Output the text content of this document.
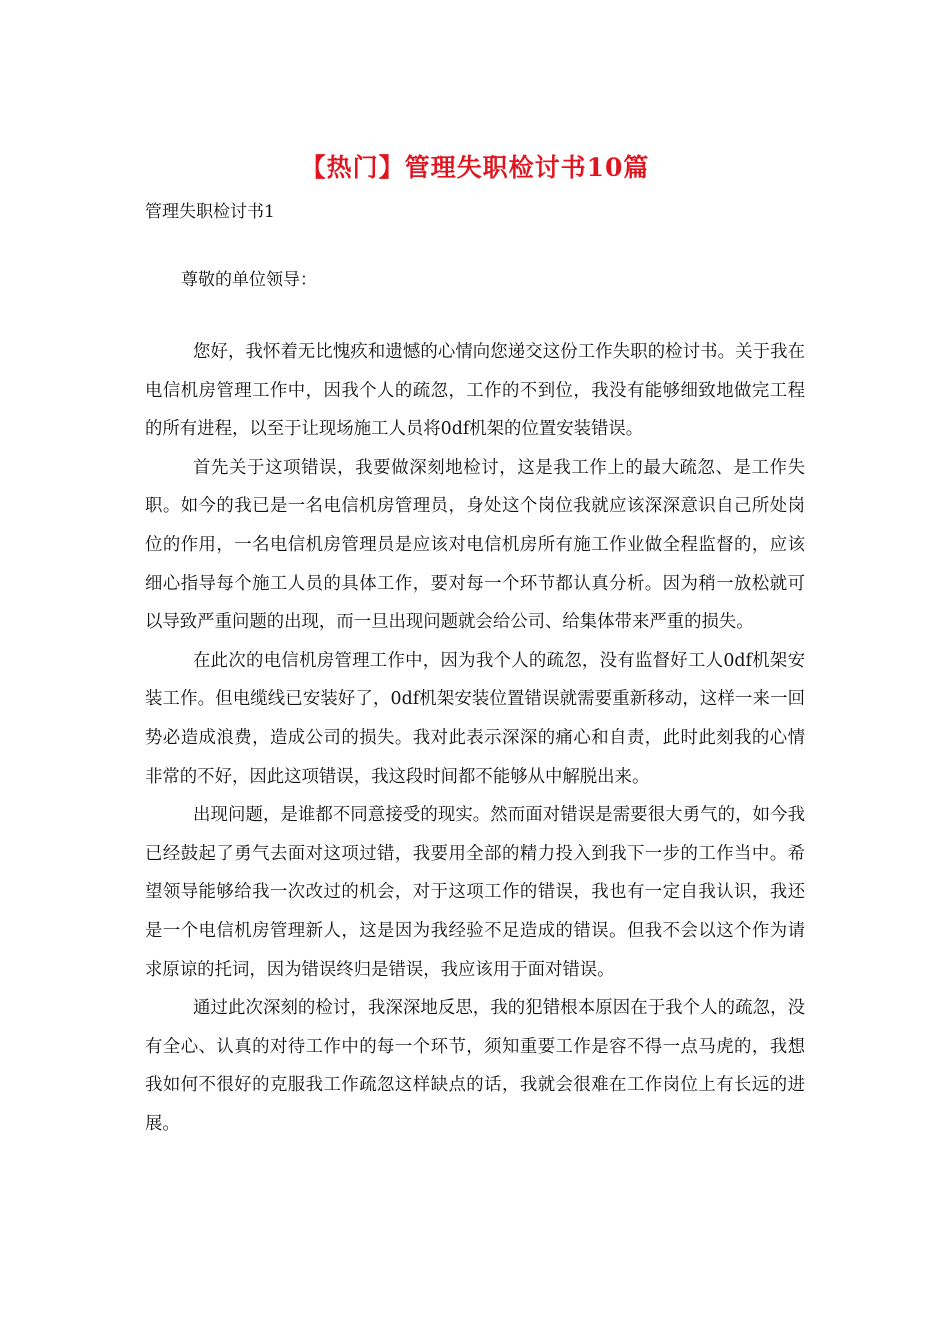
【热门】管理失职检讨书10篇
管理失职检讨书1
尊敬的单位领导：

您好，我怀着无比愧疚和遗憾的心情向您递交这份工作失职的检讨书。关于我在电信机房管理工作中，因我个人的疏忽，工作的不到位，我没有能够细致地做完工程的所有进程，以至于让现场施工人员将0df机架的位置安装错误。

首先关于这项错误，我要做深刻地检讨，这是我工作上的最大疏忽、是工作失职。如今的我已是一名电信机房管理员，身处这个岗位我就应该深深意识自己所处岗位的作用，一名电信机房管理员是应该对电信机房所有施工作业做全程监督的，应该细心指导每个施工人员的具体工作，要对每一个环节都认真分析。因为稍一放松就可以导致严重问题的出现，而一旦出现问题就会给公司、给集体带来严重的损失。

在此次的电信机房管理工作中，因为我个人的疏忽，没有监督好工人0df机架安装工作。但电缆线已安装好了，0df机架安装位置错误就需要重新移动，这样一来一回势必造成浪费，造成公司的损失。我对此表示深深的痛心和自责，此时此刻我的心情非常的不好，因此这项错误，我这段时间都不能够从中解脱出来。

出现问题，是谁都不同意接受的现实。然而面对错误是需要很大勇气的，如今我已经鼓起了勇气去面对这项过错，我要用全部的精力投入到我下一步的工作当中。希望领导能够给我一次改过的机会，对于这项工作的错误，我也有一定自我认识，我还是一个电信机房管理新人，这是因为我经验不足造成的错误。但我不会以这个作为请求原谅的托词，因为错误终归是错误，我应该用于面对错误。

通过此次深刻的检讨，我深深地反思，我的犯错根本原因在于我个人的疏忽，没有全心、认真的对待工作中的每一个环节，须知重要工作是容不得一点马虎的，我想我如何不很好的克服我工作疏忽这样缺点的话，我就会很难在工作岗位上有长远的进展。
